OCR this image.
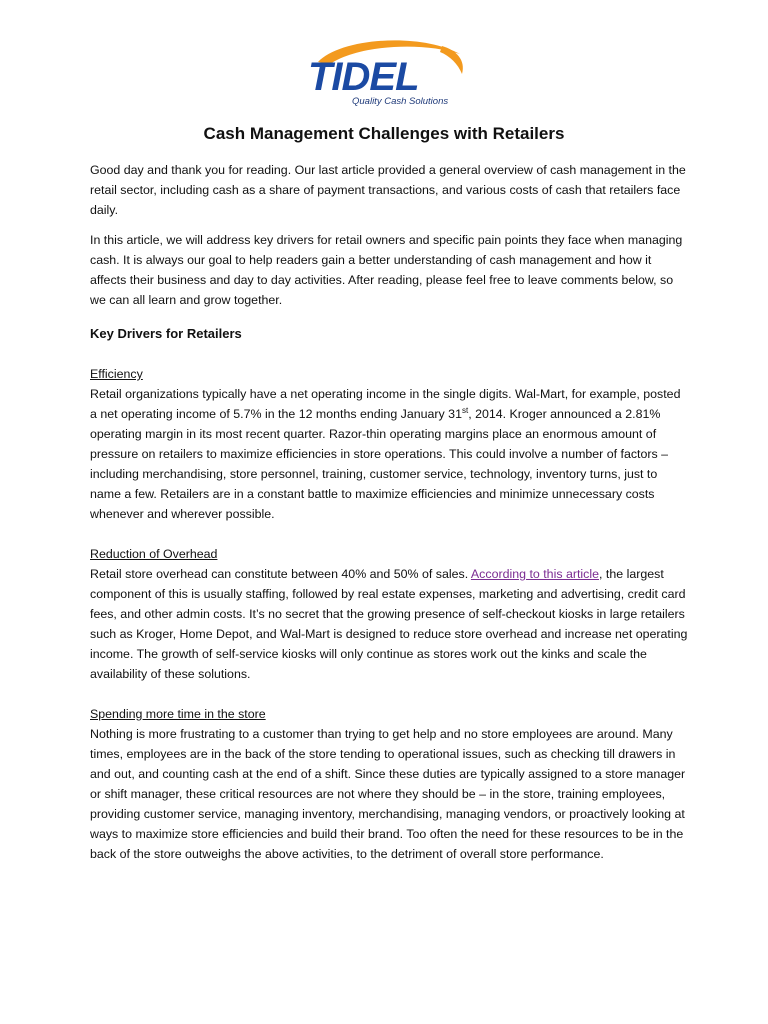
TIDEL
Quality Cash Solutions
Cash Management Challenges with Retailers

Good day and thank you for reading. Our last article provided a general overview of cash management in the retail sector, including cash as a share of payment transactions, and various costs of cash that retailers face daily.

In this article, we will address key drivers for retail owners and specific pain points they face when managing cash. It is always our goal to help readers gain a better understanding of cash management and how it affects their business and day to day activities. After reading, please feel free to leave comments below, so we can all learn and grow together.

Key Drivers for Retailers

Efficiency

Retail organizations typically have a net operating income in the single digits. Wal-Mart, for example, posted a net operating income of 5.7% in the 12 months ending January 31st, 2014. Kroger announced a 2.81% operating margin in its most recent quarter. Razor-thin operating margins place an enormous amount of pressure on retailers to maximize efficiencies in store operations. This could involve a number of factors – including merchandising, store personnel, training, customer service, technology, inventory turns, just to name a few. Retailers are in a constant battle to maximize efficiencies and minimize unnecessary costs whenever and wherever possible.

Reduction of Overhead

Retail store overhead can constitute between 40% and 50% of sales. According to this article, the largest component of this is usually staffing, followed by real estate expenses, marketing and advertising, credit card fees, and other admin costs. It’s no secret that the growing presence of self-checkout kiosks in large retailers such as Kroger, Home Depot, and Wal-Mart is designed to reduce store overhead and increase net operating income. The growth of self-service kiosks will only continue as stores work out the kinks and scale the availability of these solutions.

Spending more time in the store

Nothing is more frustrating to a customer than trying to get help and no store employees are around. Many times, employees are in the back of the store tending to operational issues, such as checking till drawers in and out, and counting cash at the end of a shift. Since these duties are typically assigned to a store manager or shift manager, these critical resources are not where they should be – in the store, training employees, providing customer service, managing inventory, merchandising, managing vendors, or proactively looking at ways to maximize store efficiencies and build their brand. Too often the need for these resources to be in the back of the store outweighs the above activities, to the detriment of overall store performance.
